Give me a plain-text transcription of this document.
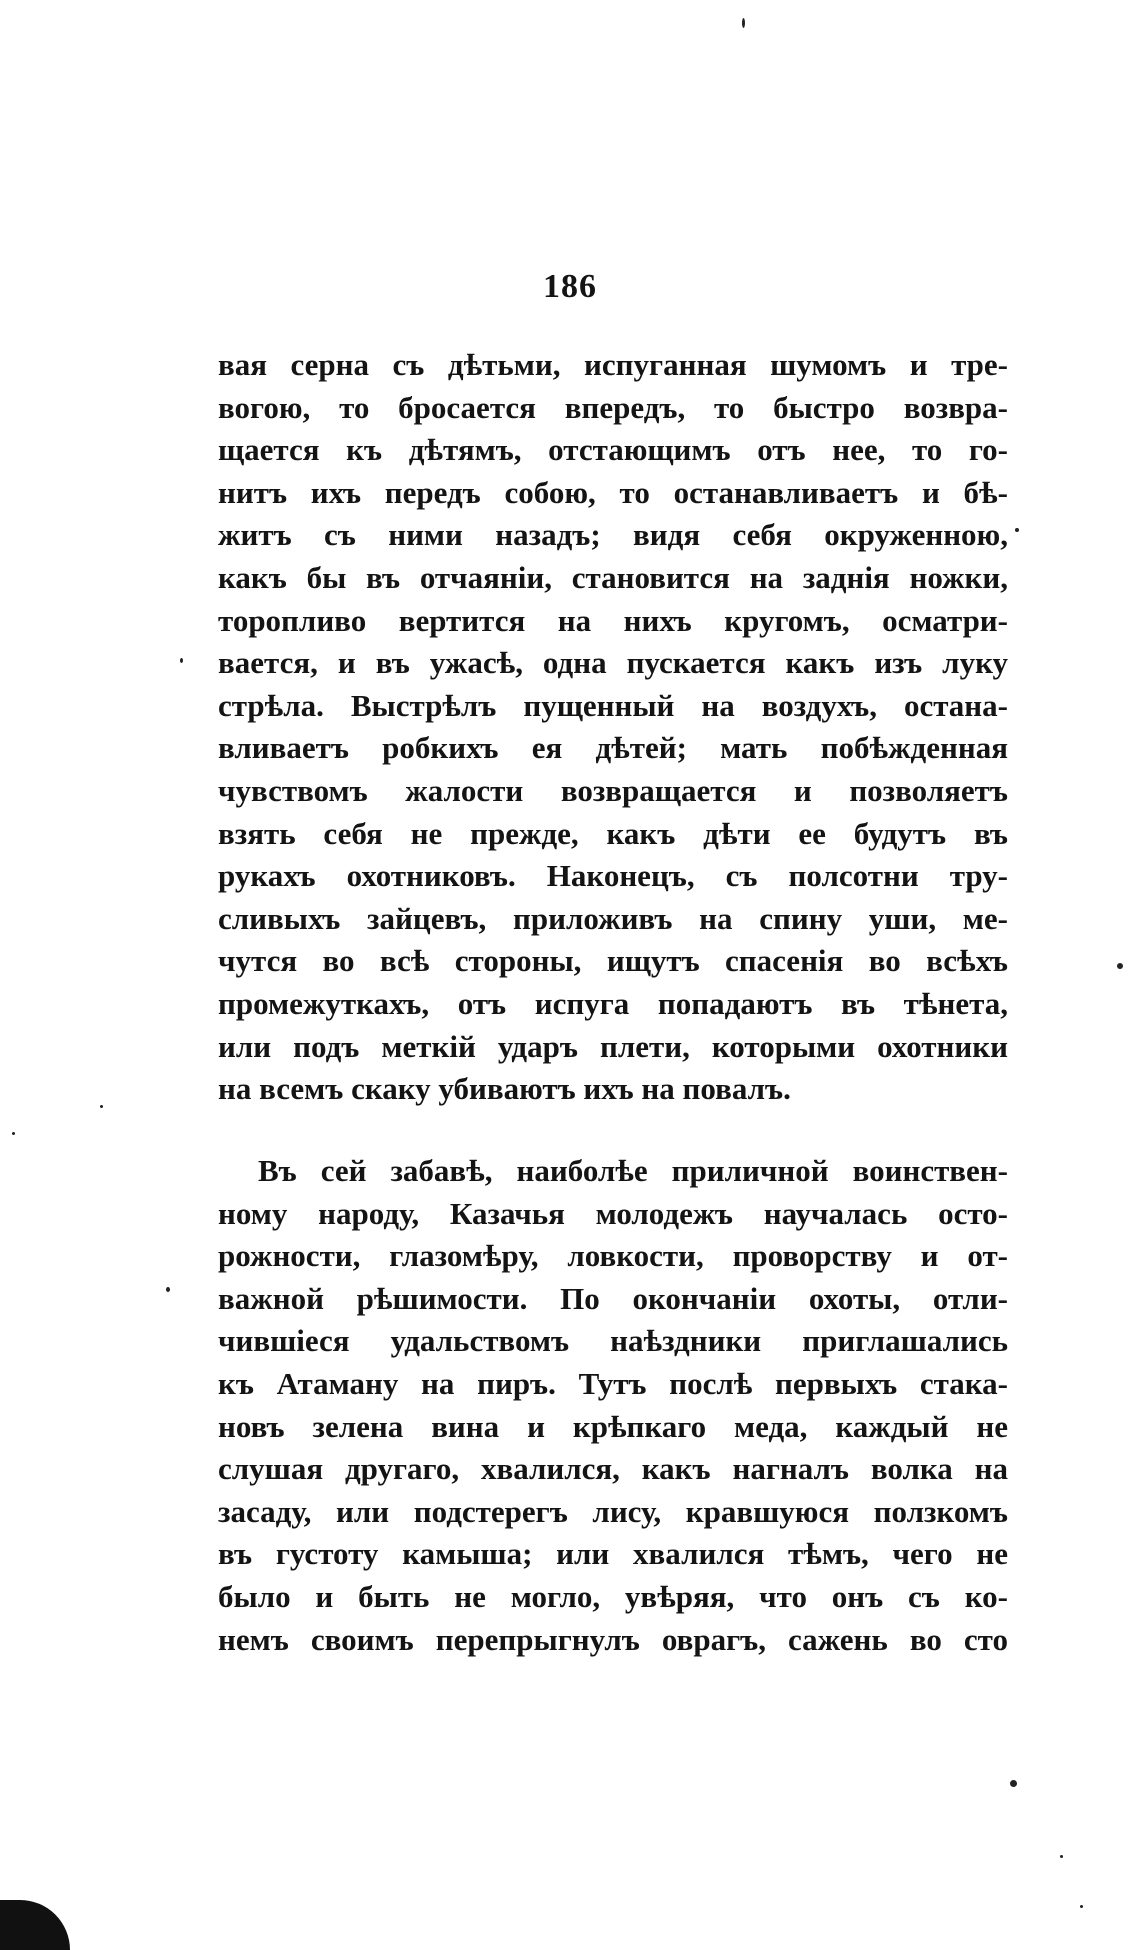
186
вая серна съ дѣтьми, испуганная шумомъ и тре-
вогою, то бросается впередъ, то быстро возвра-
щается къ дѣтямъ, отстающимъ отъ нее, то го-
нитъ ихъ передъ собою, то останавливаетъ и бѣ-
житъ съ ними назадъ; видя себя окруженною,
какъ бы въ отчаянiи, становится на заднiя ножки,
торопливо вертится на нихъ кругомъ, осматри-
вается, и въ ужасѣ, одна пускается какъ изъ луку
стрѣла. Выстрѣлъ пущенный на воздухъ, остана-
вливаетъ робкихъ ея дѣтей; мать побѣжденная
чувствомъ жалости возвращается и позволяетъ
взять себя не прежде, какъ дѣти ее будутъ въ
рукахъ охотниковъ. Наконецъ, съ полсотни тру-
сливыхъ зайцевъ, приложивъ на спину уши, ме-
чутся во всѣ стороны, ищутъ спасенiя во всѣхъ
промежуткахъ, отъ испуга попадаютъ въ тѣнета,
или подъ меткiй ударъ плети, которыми охотники
на всемъ скаку убиваютъ ихъ на повалъ.
Въ сей забавѣ, наиболѣе приличной воинствен-
ному народу, Казачья молодежъ научалась осто-
рожности, глазомѣру, ловкости, проворству и от-
важной рѣшимости. По окончанiи охоты, отли-
чившiеся удальствомъ наѣздники приглашались
къ Атаману на пиръ. Тутъ послѣ первыхъ стака-
новъ зелена вина и крѣпкаго меда, каждый не
слушая другаго, хвалился, какъ нагналъ волка на
засаду, или подстерегъ лису, кравшуюся ползкомъ
въ густоту камыша; или хвалился тѣмъ, чего не
было и быть не могло, увѣряя, что онъ съ ко-
немъ своимъ перепрыгнулъ оврагъ, сажень во сто
